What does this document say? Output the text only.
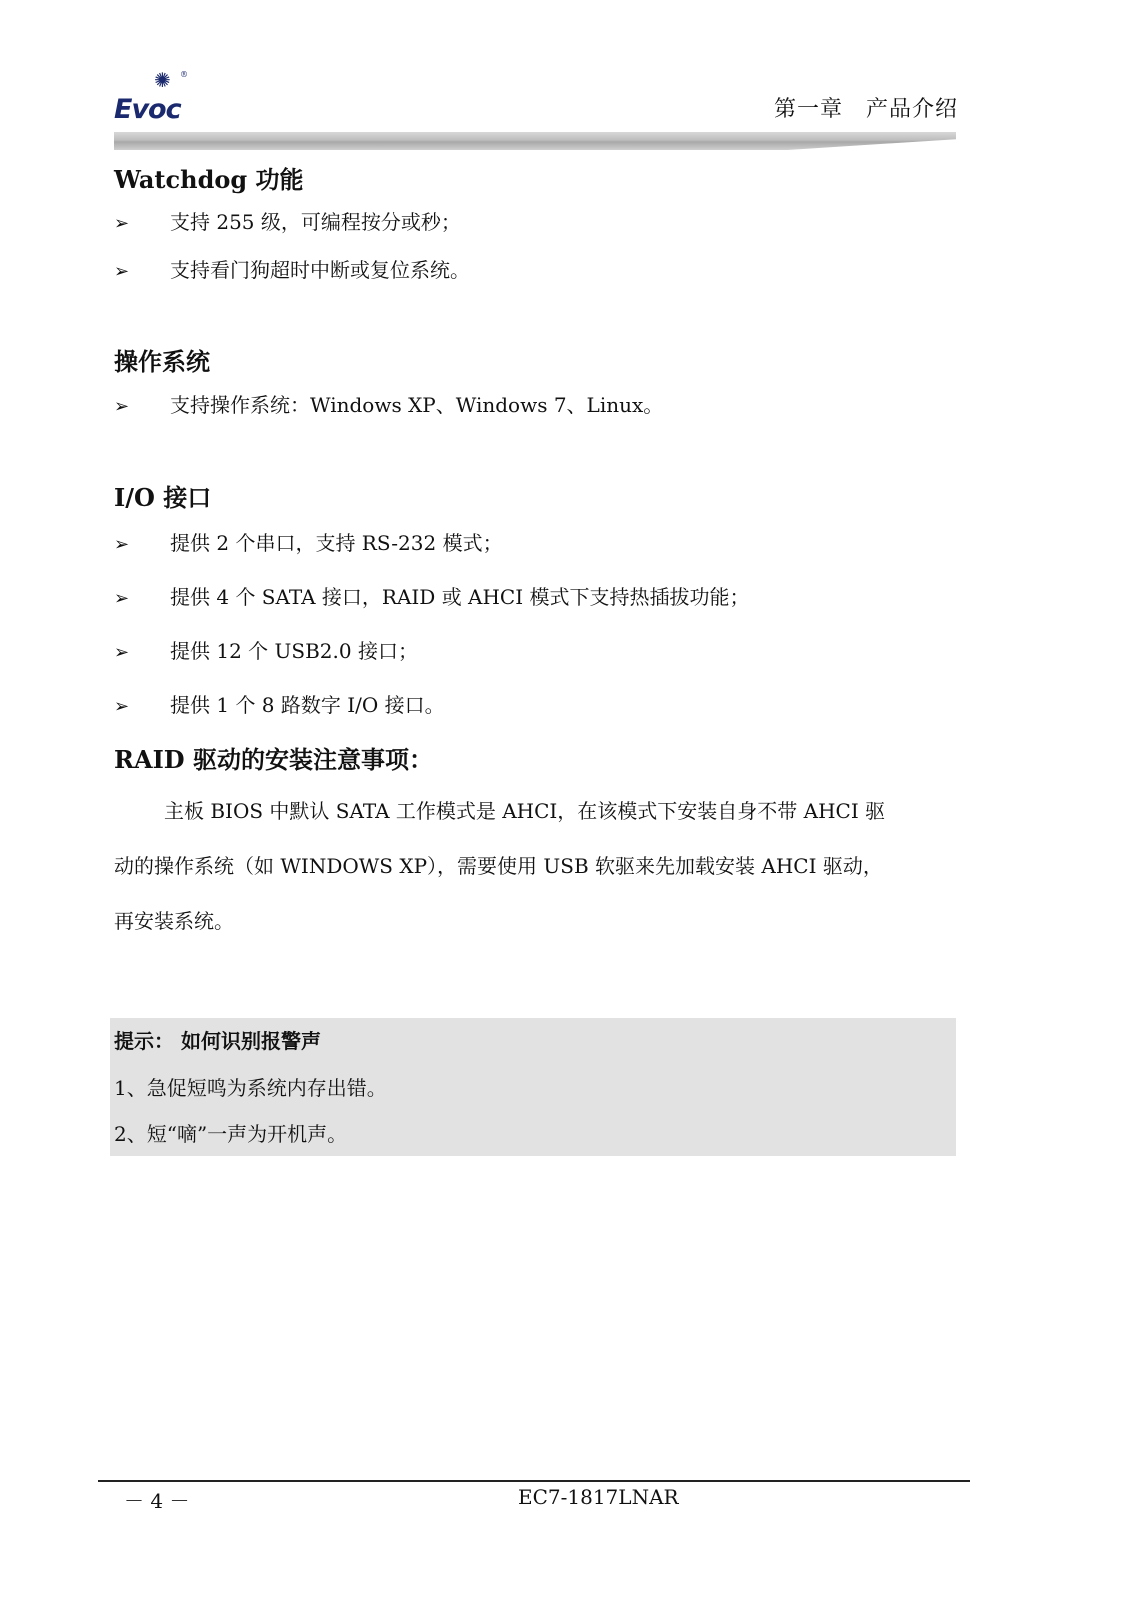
✺ ®
Evoc	第一章　产品介绍
Watchdog 功能
➢ 支持 255 级，可编程按分或秒；
➢ 支持看门狗超时中断或复位系统。
操作系统
➢ 支持操作系统：Windows XP、Windows 7、Linux。
I/O 接口
➢ 提供 2 个串口，支持 RS-232 模式；
➢ 提供 4 个 SATA 接口，RAID 或 AHCI 模式下支持热插拔功能；
➢ 提供 12 个 USB2.0 接口；
➢ 提供 1 个 8 路数字 I/O 接口。
RAID 驱动的安装注意事项：

主板 BIOS 中默认 SATA 工作模式是 AHCI，在该模式下安装自身不带 AHCI 驱

动的操作系统（如 WINDOWS XP），需要使用 USB 软驱来先加载安装 AHCI 驱动，

再安装系统。

提示： 如何识别报警声
1、急促短鸣为系统内存出错。
2、短“嘀”一声为开机声。
－ 4 －	EC7-1817LNAR
